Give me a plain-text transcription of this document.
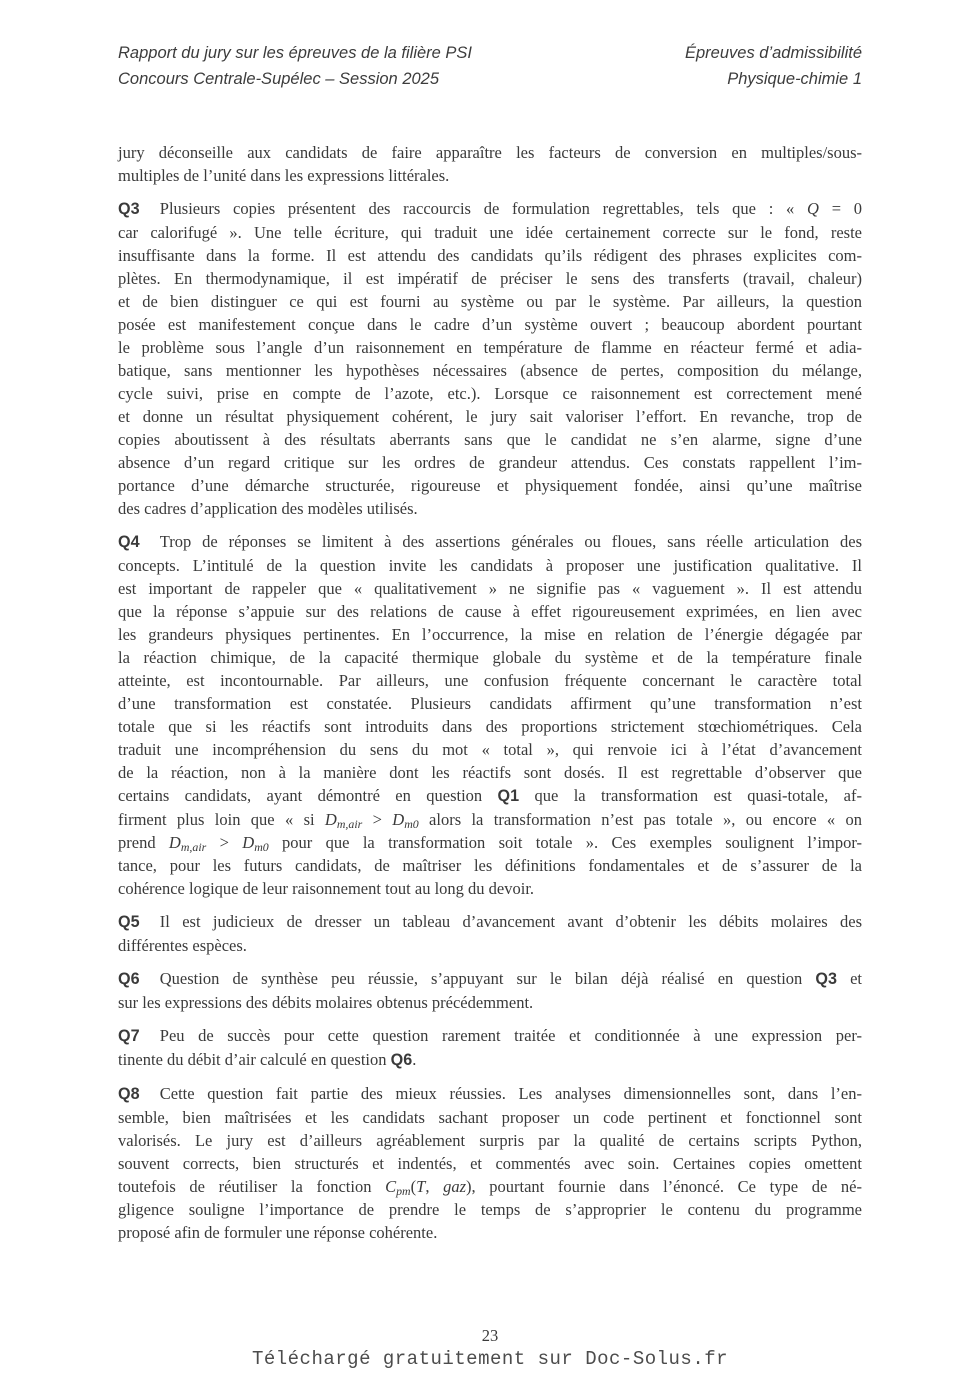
Rapport du jury sur les épreuves de la filière PSI
Concours Centrale-Supélec – Session 2025
Épreuves d’admissibilité
Physique-chimie 1

jury déconseille aux candidats de faire apparaître les facteurs de conversion en multiples/sous-
multiples de l’unité dans les expressions littérales.

Q3 Plusieurs copies présentent des raccourcis de formulation regrettables, tels que : « Q = 0
car calorifugé ». Une telle écriture, qui traduit une idée certainement correcte sur le fond, reste
insuffisante dans la forme. Il est attendu des candidats qu’ils rédigent des phrases explicites com-
plètes. En thermodynamique, il est impératif de préciser le sens des transferts (travail, chaleur)
et de bien distinguer ce qui est fourni au système ou par le système. Par ailleurs, la question
posée est manifestement conçue dans le cadre d’un système ouvert ; beaucoup abordent pourtant
le problème sous l’angle d’un raisonnement en température de flamme en réacteur fermé et adia-
batique, sans mentionner les hypothèses nécessaires (absence de pertes, composition du mélange,
cycle suivi, prise en compte de l’azote, etc.). Lorsque ce raisonnement est correctement mené
et donne un résultat physiquement cohérent, le jury sait valoriser l’effort. En revanche, trop de
copies aboutissent à des résultats aberrants sans que le candidat ne s’en alarme, signe d’une
absence d’un regard critique sur les ordres de grandeur attendus. Ces constats rappellent l’im-
portance d’une démarche structurée, rigoureuse et physiquement fondée, ainsi qu’une maîtrise
des cadres d’application des modèles utilisés.

Q4 Trop de réponses se limitent à des assertions générales ou floues, sans réelle articulation des
concepts. L’intitulé de la question invite les candidats à proposer une justification qualitative. Il
est important de rappeler que « qualitativement » ne signifie pas « vaguement ». Il est attendu
que la réponse s’appuie sur des relations de cause à effet rigoureusement exprimées, en lien avec
les grandeurs physiques pertinentes. En l’occurrence, la mise en relation de l’énergie dégagée par
la réaction chimique, de la capacité thermique globale du système et de la température finale
atteinte, est incontournable. Par ailleurs, une confusion fréquente concernant le caractère total
d’une transformation est constatée. Plusieurs candidats affirment qu’une transformation n’est
totale que si les réactifs sont introduits dans des proportions strictement stœchiométriques. Cela
traduit une incompréhension du sens du mot « total », qui renvoie ici à l’état d’avancement
de la réaction, non à la manière dont les réactifs sont dosés. Il est regrettable d’observer que
certains candidats, ayant démontré en question Q1 que la transformation est quasi-totale, af-
firment plus loin que « si $D_{m,air} > D_{m0}$ alors la transformation n’est pas totale », ou encore « on
prend $D_{m,air} > D_{m0}$ pour que la transformation soit totale ». Ces exemples soulignent l’impor-
tance, pour les futurs candidats, de maîtriser les définitions fondamentales et de s’assurer de la
cohérence logique de leur raisonnement tout au long du devoir.

Q5 Il est judicieux de dresser un tableau d’avancement avant d’obtenir les débits molaires des
différentes espèces.

Q6 Question de synthèse peu réussie, s’appuyant sur le bilan déjà réalisé en question Q3 et
sur les expressions des débits molaires obtenus précédemment.

Q7 Peu de succès pour cette question rarement traitée et conditionnée à une expression per-
tinente du débit d’air calculé en question Q6.

Q8 Cette question fait partie des mieux réussies. Les analyses dimensionnelles sont, dans l’en-
semble, bien maîtrisées et les candidats sachant proposer un code pertinent et fonctionnel sont
valorisés. Le jury est d’ailleurs agréablement surpris par la qualité de certains scripts Python,
souvent corrects, bien structurés et indentés, et commentés avec soin. Certaines copies omettent
toutefois de réutiliser la fonction $C_{pm}(T$, gaz), pourtant fournie dans l’énoncé. Ce type de né-
gligence souligne l’importance de prendre le temps de s’approprier le contenu du programme
proposé afin de formuler une réponse cohérente.

23
Téléchargé gratuitement sur Doc-Solus.fr
